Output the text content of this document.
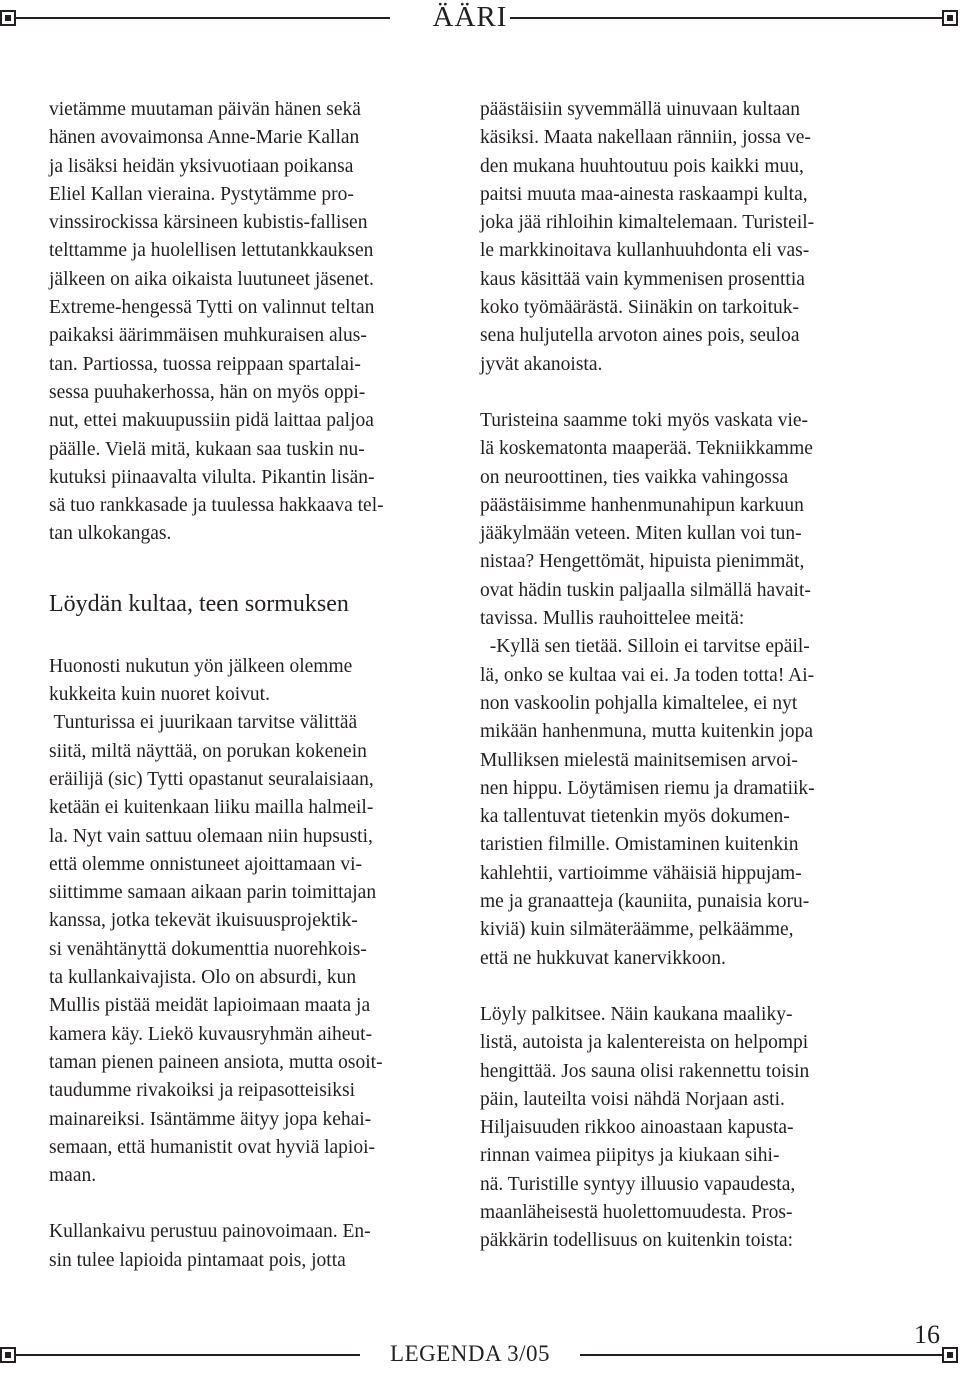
ÄÄRI

vietämme muutaman päivän hänen sekä

hänen avovaimonsa Anne-Marie Kallan

ja lisäksi heidän yksivuotiaan poikansa

Eliel Kallan vieraina. Pystytämme pro-

vinssirockissa kärsineen kubistis-fallisen

telttamme ja huolellisen lettutankkauksen

jälkeen on aika oikaista luutuneet jäsenet.

Extreme-hengessä Tytti on valinnut teltan

paikaksi äärimmäisen muhkuraisen alus-

tan. Partiossa, tuossa reippaan spartalai-

sessa puuhakerhossa, hän on myös oppi-

nut, ettei makuupussiin pidä laittaa paljoa

päälle. Vielä mitä, kukaan saa tuskin nu-

kutuksi piinaavalta vilulta. Pikantin lisän-

sä tuo rankkasade ja tuulessa hakkaava tel-

tan ulkokangas.

Löydän kultaa, teen sormuksen

Huonosti nukutun yön jälkeen olemme

kukkeita kuin nuoret koivut.

Tunturissa ei juurikaan tarvitse välittää

siitä, miltä näyttää, on porukan kokenein

eräilijä (sic) Tytti opastanut seuralaisiaan,

ketään ei kuitenkaan liiku mailla halmeil-

la. Nyt vain sattuu olemaan niin hupsusti,

että olemme onnistuneet ajoittamaan vi-

siittimme samaan aikaan parin toimittajan

kanssa, jotka tekevät ikuisuusprojektik-

si venähtänyttä dokumenttia nuorehkois-

ta kullankaivajista. Olo on absurdi, kun

Mullis pistää meidät lapioimaan maata ja

kamera käy. Liekö kuvausryhmän aiheut-

taman pienen paineen ansiota, mutta osoit-

taudumme rivakoiksi ja reipasotteisiksi

mainareiksi. Isäntämme äityy jopa kehai-

semaan, että humanistit ovat hyviä lapioi-

maan.

Kullankaivu perustuu painovoimaan. En-

sin tulee lapioida pintamaat pois, jotta

päästäisiin syvemmällä uinuvaan kultaan

käsiksi. Maata nakellaan ränniin, jossa ve-

den mukana huuhtoutuu pois kaikki muu,

paitsi muuta maa-ainesta raskaampi kulta,

joka jää rihloihin kimaltelemaan. Turisteil-

le markkinoitava kullanhuuhdonta eli vas-

kaus käsittää vain kymmenisen prosenttia

koko työmäärästä. Siinäkin on tarkoituk-

sena huljutella arvoton aines pois, seuloa

jyvät akanoista.

Turisteina saamme toki myös vaskata vie-

lä koskematonta maaperää. Tekniikkamme

on neuroottinen, ties vaikka vahingossa

päästäisimme hanhenmunahipun karkuun

jääkylmään veteen. Miten kullan voi tun-

nistaa? Hengettömät, hipuista pienimmät,

ovat hädin tuskin paljaalla silmällä havait-

tavissa. Mullis rauhoittelee meitä:

-Kyllä sen tietää. Silloin ei tarvitse epäil-

lä, onko se kultaa vai ei. Ja toden totta! Ai-

non vaskoolin pohjalla kimaltelee, ei nyt

mikään hanhenmuna, mutta kuitenkin jopa

Mulliksen mielestä mainitsemisen arvoi-

nen hippu. Löytämisen riemu ja dramatiik-

ka tallentuvat tietenkin myös dokumen-

taristien filmille. Omistaminen kuitenkin

kahlehtii, vartioimme vähäisiä hippujam-

me ja granaatteja (kauniita, punaisia koru-

kiviä) kuin silmäteräämme, pelkäämme,

että ne hukkuvat kanervikkoon.

Löyly palkitsee. Näin kaukana maaliky-

listä, autoista ja kalentereista on helpompi

hengittää. Jos sauna olisi rakennettu toisin

päin, lauteilta voisi nähdä Norjaan asti.

Hiljaisuuden rikkoo ainoastaan kapusta-

rinnan vaimea piipitys ja kiukaan sihi-

nä. Turistille syntyy illuusio vapaudesta,

maanläheisestä huolettomuudesta. Pros-

päkkärin todellisuus on kuitenkin toista:

LEGENDA 3/05
16
